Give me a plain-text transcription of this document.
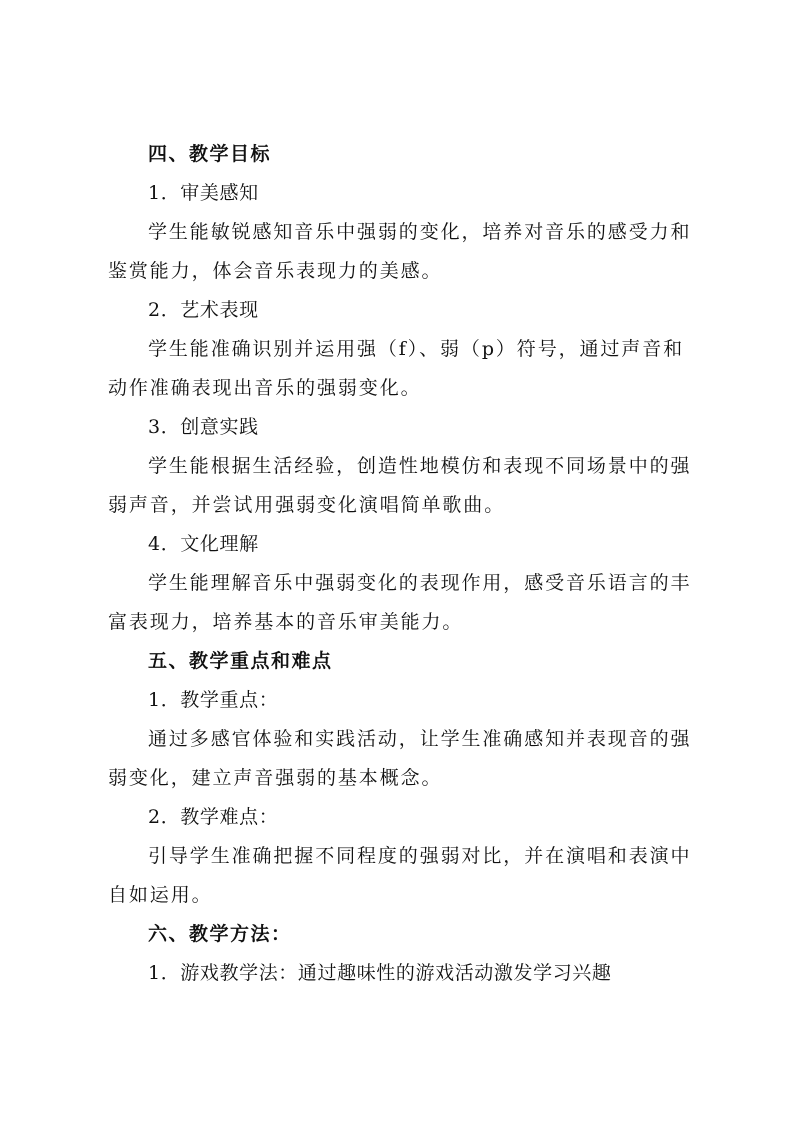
四、教学目标
1．审美感知
学生能敏锐感知音乐中强弱的变化，培养对音乐的感受力和
鉴赏能力，体会音乐表现力的美感。
2．艺术表现
学生能准确识别并运用强（f）、弱（p）符号，通过声音和
动作准确表现出音乐的强弱变化。
3．创意实践
学生能根据生活经验，创造性地模仿和表现不同场景中的强
弱声音，并尝试用强弱变化演唱简单歌曲。
4．文化理解
学生能理解音乐中强弱变化的表现作用，感受音乐语言的丰
富表现力，培养基本的音乐审美能力。
五、教学重点和难点
1．教学重点：
通过多感官体验和实践活动，让学生准确感知并表现音的强
弱变化，建立声音强弱的基本概念。
2．教学难点：
引导学生准确把握不同程度的强弱对比，并在演唱和表演中
自如运用。
六、教学方法：
1．游戏教学法：通过趣味性的游戏活动激发学习兴趣
